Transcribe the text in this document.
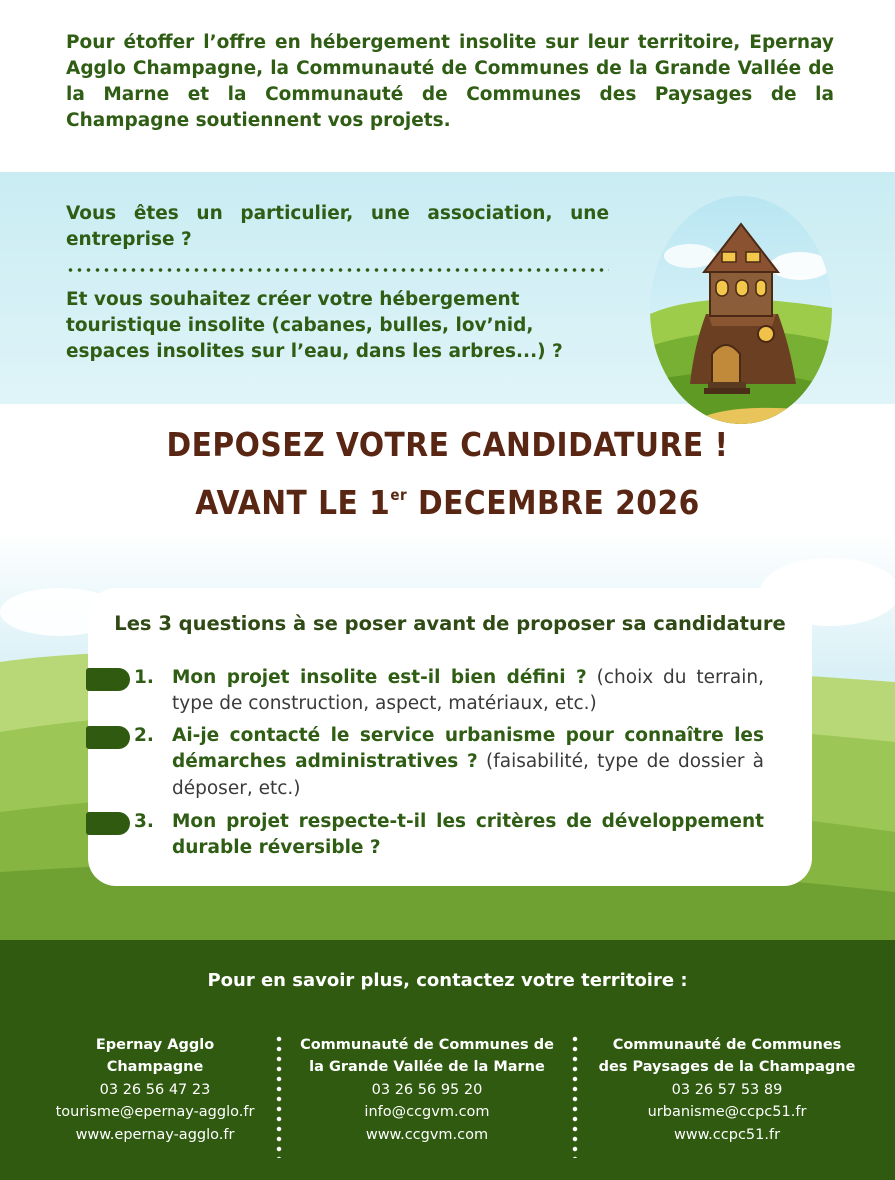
Pour étoffer l’offre en hébergement insolite sur leur territoire, Epernay Agglo Champagne, la Communauté de Communes de la Grande Vallée de la Marne et la Communauté de Communes des Paysages de la Champagne soutiennent vos projets.

Vous êtes un particulier, une association, une entreprise ?

Et vous souhaitez créer votre hébergement touristique insolite (cabanes, bulles, lov’nid, espaces insolites sur l’eau, dans les arbres...) ?

DEPOSEZ VOTRE CANDIDATURE !
AVANT LE 1er DECEMBRE 2026
Les 3 questions à se poser avant de proposer sa candidature
1. Mon projet insolite est-il bien défini ? (choix du terrain, type de construction, aspect, matériaux, etc.)
2. Ai-je contacté le service urbanisme pour connaître les démarches administratives ? (faisabilité, type de dossier à déposer, etc.)
3. Mon projet respecte-t-il les critères de développement durable réversible ?
Pour en savoir plus, contactez votre territoire :
Epernay Agglo
Champagne
03 26 56 47 23
tourisme@epernay-agglo.fr
www.epernay-agglo.fr
Communauté de Communes de
la Grande Vallée de la Marne
03 26 56 95 20
info@ccgvm.com
www.ccgvm.com
Communauté de Communes
des Paysages de la Champagne
03 26 57 53 89
urbanisme@ccpc51.fr
www.ccpc51.fr
